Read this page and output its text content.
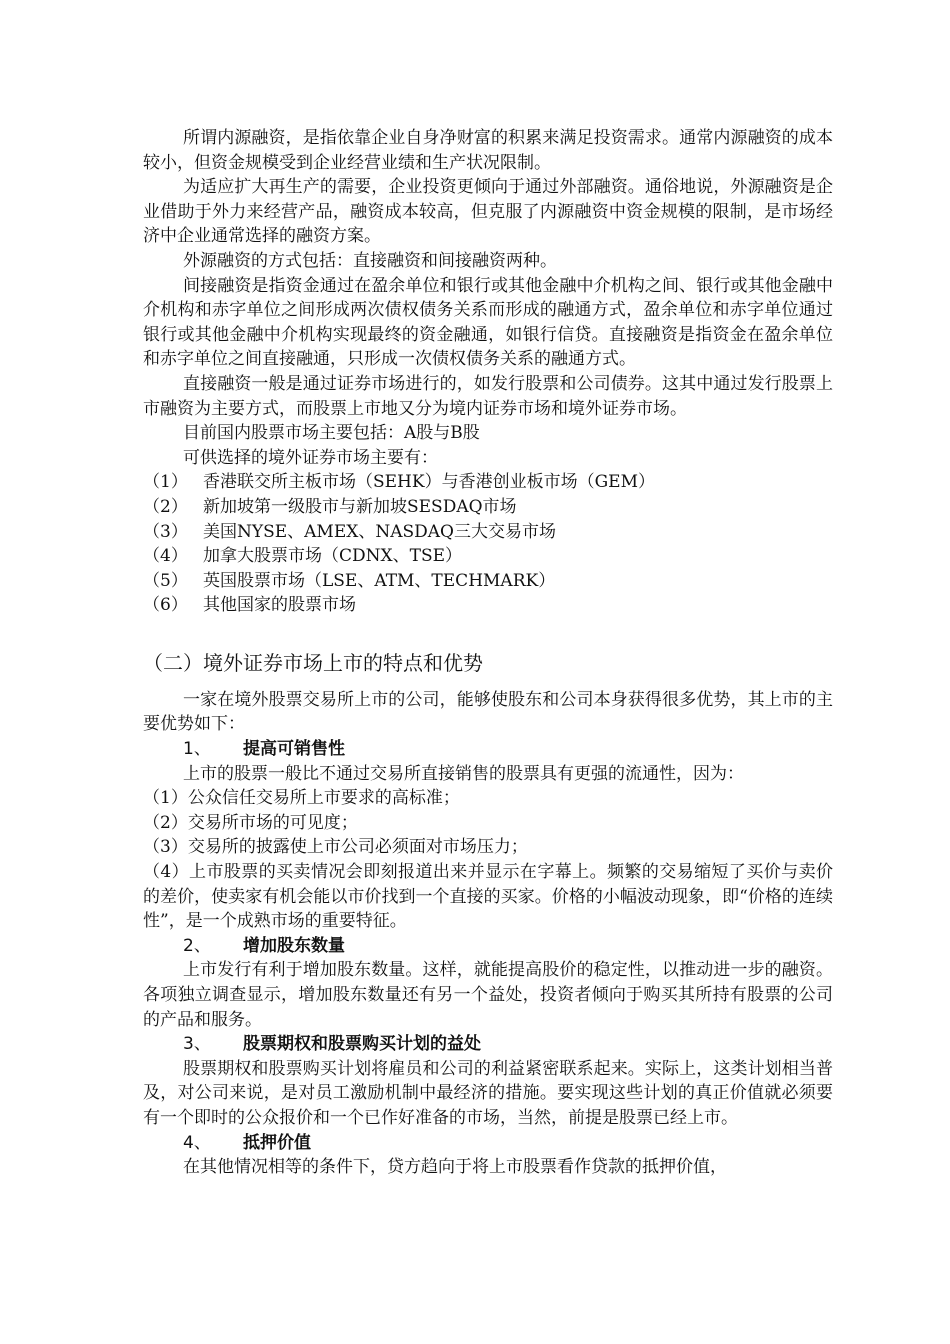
所谓内源融资，是指依靠企业自身净财富的积累来满足投资需求。通常内源融资的成本较小，但资金规模受到企业经营业绩和生产状况限制。

为适应扩大再生产的需要，企业投资更倾向于通过外部融资。通俗地说，外源融资是企业借助于外力来经营产品，融资成本较高，但克服了内源融资中资金规模的限制，是市场经济中企业通常选择的融资方案。

外源融资的方式包括：直接融资和间接融资两种。

间接融资是指资金通过在盈余单位和银行或其他金融中介机构之间、银行或其他金融中介机构和赤字单位之间形成两次债权债务关系而形成的融通方式，盈余单位和赤字单位通过银行或其他金融中介机构实现最终的资金融通，如银行信贷。直接融资是指资金在盈余单位和赤字单位之间直接融通，只形成一次债权债务关系的融通方式。

直接融资一般是通过证券市场进行的，如发行股票和公司债券。这其中通过发行股票上市融资为主要方式，而股票上市地又分为境内证券市场和境外证券市场。

目前国内股票市场主要包括：A股与B股

可供选择的境外证券市场主要有：

（1） 香港联交所主板市场（SEHK）与香港创业板市场（GEM）

（2） 新加坡第一级股市与新加坡SESDAQ市场

（3） 美国NYSE、AMEX、NASDAQ三大交易市场

（4） 加拿大股票市场（CDNX、TSE）

（5） 英国股票市场（LSE、ATM、TECHMARK）

（6） 其他国家的股票市场

（二）境外证券市场上市的特点和优势

一家在境外股票交易所上市的公司，能够使股东和公司本身获得很多优势，其上市的主要优势如下：

1、 提高可销售性

上市的股票一般比不通过交易所直接销售的股票具有更强的流通性，因为：

（1）公众信任交易所上市要求的高标准；

（2）交易所市场的可见度；

（3）交易所的披露使上市公司必须面对市场压力；

（4）上市股票的买卖情况会即刻报道出来并显示在字幕上。频繁的交易缩短了买价与卖价的差价，使卖家有机会能以市价找到一个直接的买家。价格的小幅波动现象，即“价格的连续性”，是一个成熟市场的重要特征。

2、 增加股东数量

上市发行有利于增加股东数量。这样，就能提高股价的稳定性，以推动进一步的融资。各项独立调查显示，增加股东数量还有另一个益处，投资者倾向于购买其所持有股票的公司的产品和服务。

3、 股票期权和股票购买计划的益处

股票期权和股票购买计划将雇员和公司的利益紧密联系起来。实际上，这类计划相当普及，对公司来说，是对员工激励机制中最经济的措施。要实现这些计划的真正价值就必须要有一个即时的公众报价和一个已作好准备的市场，当然，前提是股票已经上市。

4、 抵押价值

在其他情况相等的条件下，贷方趋向于将上市股票看作贷款的抵押价值，
